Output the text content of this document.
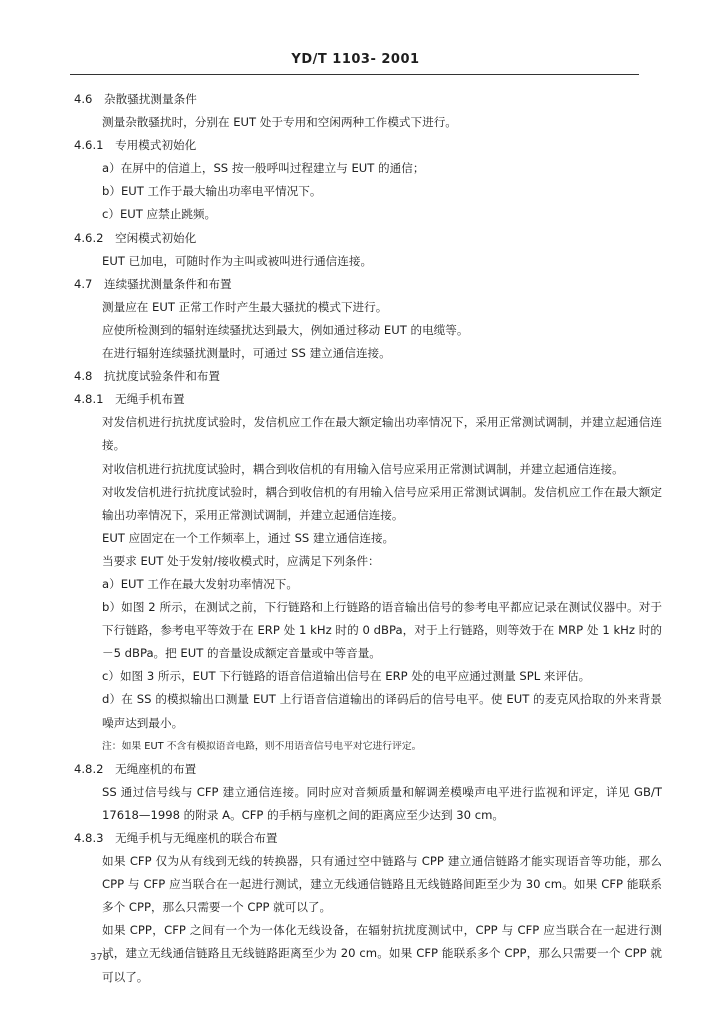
YD/T 1103- 2001

4.6　杂散骚扰测量条件

测量杂散骚扰时，分别在 EUT 处于专用和空闲两种工作模式下进行。

4.6.1　专用模式初始化

a）在屏中的信道上，SS 按一般呼叫过程建立与 EUT 的通信；

b）EUT 工作于最大输出功率电平情况下。

c）EUT 应禁止跳频。

4.6.2　空闲模式初始化

EUT 已加电，可随时作为主叫或被叫进行通信连接。

4.7　连续骚扰测量条件和布置

测量应在 EUT 正常工作时产生最大骚扰的模式下进行。

应使所检测到的辐射连续骚扰达到最大，例如通过移动 EUT 的电缆等。

在进行辐射连续骚扰测量时，可通过 SS 建立通信连接。

4.8　抗扰度试验条件和布置

4.8.1　无绳手机布置

对发信机进行抗扰度试验时，发信机应工作在最大额定输出功率情况下，采用正常测试调制，并建立起通信连接。

对收信机进行抗扰度试验时，耦合到收信机的有用输入信号应采用正常测试调制，并建立起通信连接。

对收发信机进行抗扰度试验时，耦合到收信机的有用输入信号应采用正常测试调制。发信机应工作在最大额定输出功率情况下，采用正常测试调制，并建立起通信连接。

EUT 应固定在一个工作频率上，通过 SS 建立通信连接。

当要求 EUT 处于发射/接收模式时，应满足下列条件：

a）EUT 工作在最大发射功率情况下。

b）如图 2 所示，在测试之前，下行链路和上行链路的语音输出信号的参考电平都应记录在测试仪器中。对于下行链路，参考电平等效于在 ERP 处 1 kHz 时的 0 dBPa，对于上行链路，则等效于在 MRP 处 1 kHz 时的 －5 dBPa。把 EUT 的音量设成额定音量或中等音量。

c）如图 3 所示，EUT 下行链路的语音信道输出信号在 ERP 处的电平应通过测量 SPL 来评估。

d）在 SS 的模拟输出口测量 EUT 上行语音信道输出的译码后的信号电平。使 EUT 的麦克风拾取的外来背景噪声达到最小。

注：如果 EUT 不含有模拟语音电路，则不用语音信号电平对它进行评定。

4.8.2　无绳座机的布置

SS 通过信号线与 CFP 建立通信连接。同时应对音频质量和解调差模噪声电平进行监视和评定，详见 GB/T 17618—1998 的附录 A。CFP 的手柄与座机之间的距离应至少达到 30 cm。

4.8.3　无绳手机与无绳座机的联合布置

如果 CFP 仅为从有线到无线的转换器，只有通过空中链路与 CPP 建立通信链路才能实现语音等功能，那么 CPP 与 CFP 应当联合在一起进行测试，建立无线通信链路且无线链路间距至少为 30 cm。如果 CFP 能联系多个 CPP，那么只需要一个 CPP 就可以了。

如果 CPP，CFP 之间有一个为一体化无线设备，在辐射抗扰度测试中，CPP 与 CFP 应当联合在一起进行测试，建立无线通信链路且无线链路距离至少为 20 cm。如果 CFP 能联系多个 CPP，那么只需要一个 CPP 就可以了。

370
